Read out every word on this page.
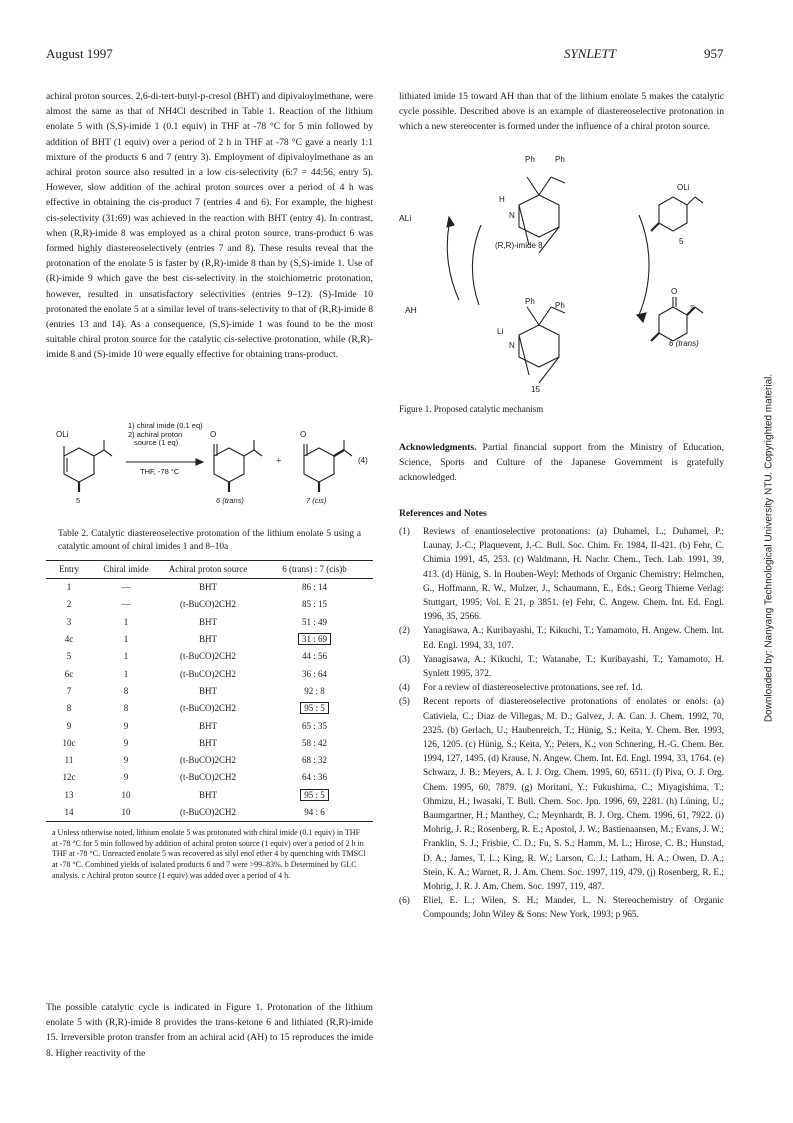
August 1997	SYNLETT	957

achiral proton sources. 2,6-di-tert-butyl-p-cresol (BHT) and dipivaloylmethane, were almost the same as that of NH4Cl described in Table 1. Reaction of the lithium enolate 5 with (S,S)-imide 1 (0.1 equiv) in THF at -78 °C for 5 min followed by addition of BHT (1 equiv) over a period of 2 h in THF at -78 °C gave a nearly 1:1 mixture of the products 6 and 7 (entry 3). Employment of dipivaloylmethane as an achiral proton source also resulted in a low cis-selectivity (6:7 = 44:56, entry 5). However, slow addition of the achiral proton sources over a period of 4 h was effective in obtaining the cis-product 7 (entries 4 and 6). For example, the highest cis-selectivity (31:69) was achieved in the reaction with BHT (entry 4). In contrast, when (R,R)-imide 8 was employed as a chiral proton source, trans-product 6 was formed highly diastereoselectively (entries 7 and 8). These results reveal that the protonation of the enolate 5 is faster by (R,R)-imide 8 than by (S,S)-imide 1. Use of (R)-imide 9 which gave the best cis-selectivity in the stoichiometric protonation, however, resulted in unsatisfactory selectivities (entries 9–12). (S)-Imide 10 protonated the enolate 5 at a similar level of trans-selectivity to that of (R,R)-imide 8 (entries 13 and 14). As a consequence, (S,S)-imide 1 was found to be the most suitable chiral proton source for the catalytic cis-selective protonation, while (R,R)-imide 8 and (S)-imide 10 were equally effective for obtaining trans-product.

OLi	O	O
1) chiral imide (0.1 eq)
2) achiral proton
source (1 eq)
THF, -78 °C
+	(4)
5	6 (trans)	7 (cis)
Table 2. Catalytic diastereoselective protonation of the lithium enolate 5 using a catalytic amount of chiral imides 1 and 8–10a
Entry	Chiral imide	Achiral proton source	6 (trans) : 7 (cis)b
1	—	BHT	86 : 14
2	—	(t-BuCO)2CH2	85 : 15
3	1	BHT	51 : 49
4c	1	BHT	31 : 69
5	1	(t-BuCO)2CH2	44 : 56
6c	1	(t-BuCO)2CH2	36 : 64
7	8	BHT	92 : 8
8	8	(t-BuCO)2CH2	95 : 5
9	9	BHT	65 : 35
10c	9	BHT	58 : 42
11	9	(t-BuCO)2CH2	68 : 32
12c	9	(t-BuCO)2CH2	64 : 36
13	10	BHT	95 : 5
14	10	(t-BuCO)2CH2	94 : 6
a Unless otherwise noted, lithium enolate 5 was protonated with chiral imide (0.1 equiv) in THF at -78 °C for 5 min followed by addition of achiral proton source (1 equiv) over a period of 2 h in THF at -78 °C. Unreacted enolate 5 was recovered as silyl enol ether 4 by quenching with TMSCl at -78 °C. Combined yields of isolated products 6 and 7 were >99–83%. b Determined by GLC analysis. c Achiral proton source (1 equiv) was added over a period of 4 h.

The possible catalytic cycle is indicated in Figure 1. Protonation of the lithium enolate 5 with (R,R)-imide 8 provides the trans-ketone 6 and lithiated (R,R)-imide 15. Irreversible proton transfer from an achiral acid (AH) to 15 reproduces the imide 8. Higher reactivity of the

lithiated imide 15 toward AH than that of the lithium enolate 5 makes the catalytic cycle possible. Described above is an example of diastereoselective protonation in which a new stereocenter is formed under the influence of a chiral proton source.

Ph	Ph
H
N
(R,R)-imide 8
ALi
AH
OLi
5
Ph	Ph
Li
N
O
S
6 (trans)
15
Figure 1. Proposed catalytic mechanism

Acknowledgments. Partial financial support from the Ministry of Education, Science, Sports and Culture of the Japanese Government is gratefully acknowledged.

References and Notes
(1)	Reviews of enantioselective protonations: (a) Duhamel, L.; Duhamel, P.; Launay, J.-C.; Plaquevent, J.-C. Bull. Soc. Chim. Fr. 1984, II-421. (b) Fehr, C. Chimia 1991, 45, 253. (c) Waldmann, H. Nachr. Chem., Tech. Lab. 1991, 39, 413. (d) Hünig, S. In Houben-Weyl: Methods of Organic Chemistry; Helmchen, G., Hoffmann, R. W., Mulzer, J., Schaumann, E., Eds.; Georg Thieme Verlag: Stuttgart, 1995; Vol. E 21, p 3851. (e) Fehr, C. Angew. Chem. Int. Ed. Engl. 1996, 35, 2566.
(2)	Yanagisawa, A.; Kuribayashi, T.; Kikuchi, T.; Yamamoto, H. Angew. Chem. Int. Ed. Engl. 1994, 33, 107.
(3)	Yanagisawa, A.; Kikuchi, T.; Watanabe, T.; Kuribayashi, T.; Yamamoto, H. Synlett 1995, 372.
(4)	For a review of diastereoselective protonations, see ref. 1d.
(5)	Recent reports of diastereoselective protonations of enolates or enols: (a) Cativiela, C.; Diaz de Villegas, M. D.; Galvez, J. A. Can. J. Chem. 1992, 70, 2325. (b) Gerlach, U.; Haubenreich, T.; Hünig, S.; Keita, Y. Chem. Ber. 1993, 126, 1205. (c) Hünig, S.; Keita, Y.; Peters, K.; von Schnering, H.-G. Chem. Ber. 1994, 127, 1495. (d) Krause, N. Angew. Chem. Int. Ed. Engl. 1994, 33, 1764. (e) Schwarz, J. B.; Meyers, A. I. J. Org. Chem. 1995, 60, 6511. (f) Piva, O. J. Org. Chem. 1995, 60, 7879. (g) Moritani, Y.; Fukushima, C.; Miyagishima, T.; Ohmizu, H.; Iwasaki, T. Bull. Chem. Soc. Jpn. 1996, 69, 2281. (h) Lüning, U.; Baumgartner, H.; Manthey, C.; Meynhardt, B. J. Org. Chem. 1996, 61, 7922. (i) Mohrig, J. R.; Rosenberg, R. E.; Apostol, J. W.; Bastienaansen, M.; Evans, J. W.; Franklin, S. J.; Frisbie, C. D.; Fu, S. S.; Hamm, M. L.; Hirose, C. B.; Hunstad, D. A.; James, T. L.; King, R. W.; Larson, C. J.; Latham, H. A.; Owen, D. A.; Stein, K. A.; Warnet, R. J. Am. Chem. Soc. 1997, 119, 479. (j) Rosenberg, R. E.; Mohrig, J. R. J. Am. Chem. Soc. 1997, 119, 487.
(6)	Eliel, E. L.; Wilen, S. H.; Mander, L. N. Stereochemistry of Organic Compounds; John Wiley & Sons: New York, 1993; p 965.
Downloaded by: Nanyang Technological University NTU. Copyrighted material.
